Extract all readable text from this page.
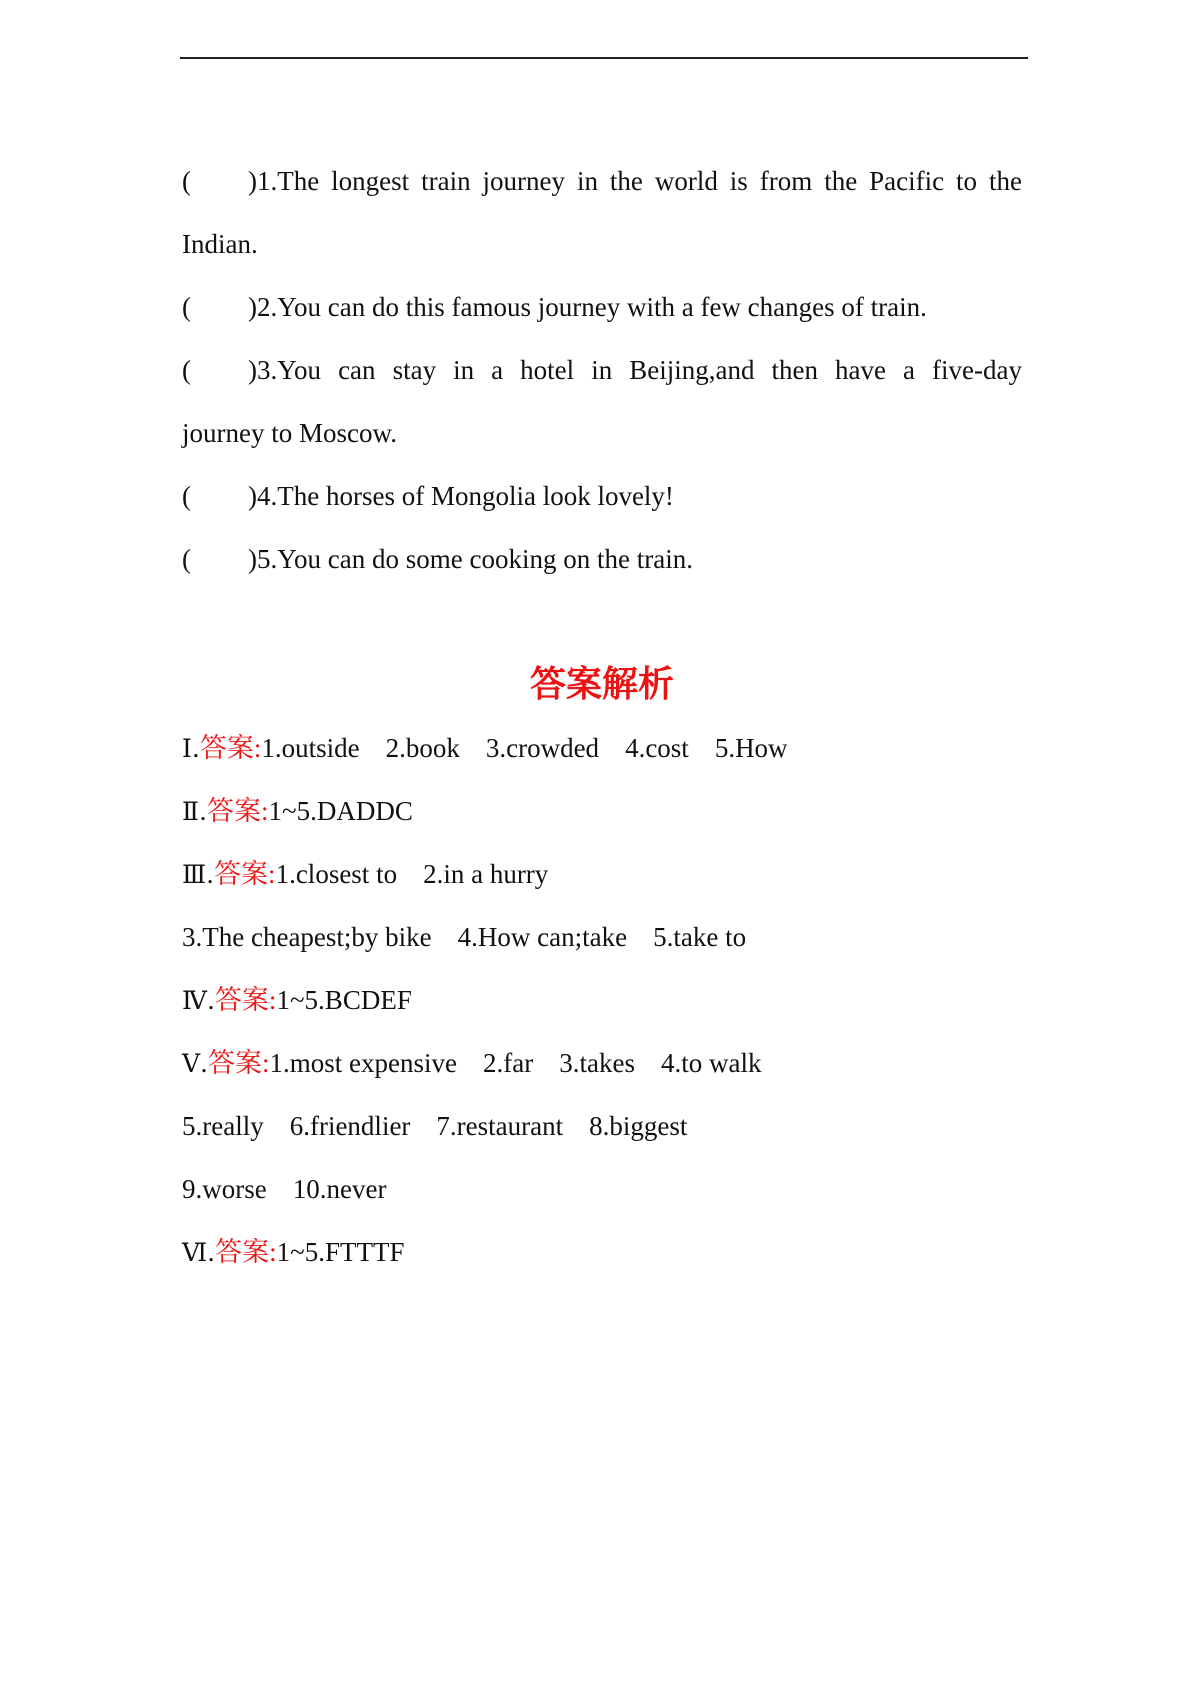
( )1.The longest train journey in the world is from the Pacific to the
Indian.
( )2.You can do this famous journey with a few changes of train.
( )3.You can stay in a hotel in Beijing,and then have a five-day
journey to Moscow.
( )4.The horses of Mongolia look lovely!
( )5.You can do some cooking on the train.
答案解析
Ⅰ.答案:1.outside 2.book 3.crowded 4.cost 5.How
Ⅱ.答案:1~5.DADDC
Ⅲ.答案:1.closest to 2.in a hurry
3.The cheapest;by bike 4.How can;take 5.take to
Ⅳ.答案:1~5.BCDEF
Ⅴ.答案:1.most expensive 2.far 3.takes 4.to walk
5.really 6.friendlier 7.restaurant 8.biggest
9.worse 10.never
Ⅵ.答案:1~5.FTTTF
